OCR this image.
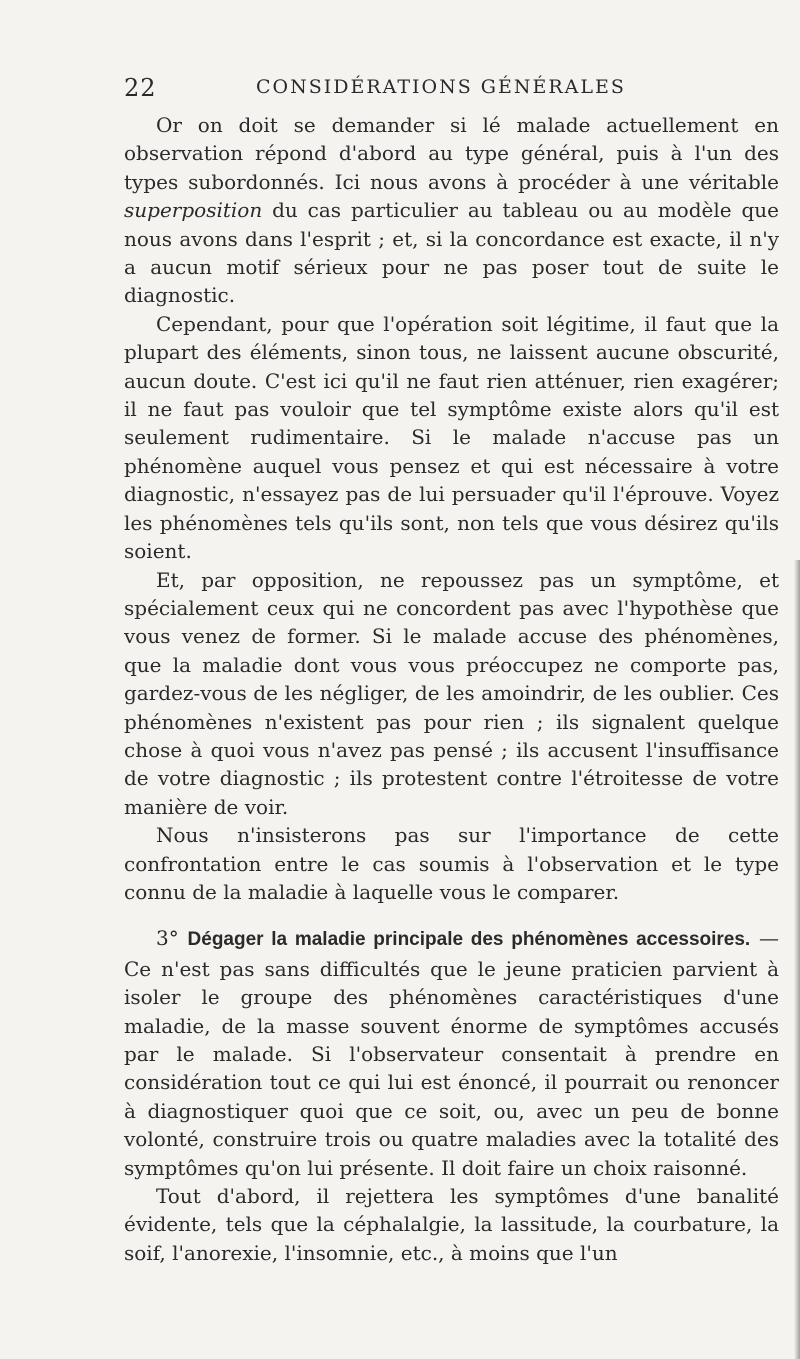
22	CONSIDÉRATIONS GÉNÉRALES

Or on doit se demander si lé malade actuellement en observation répond d'abord au type général, puis à l'un des types subordonnés. Ici nous avons à procéder à une véritable superposition du cas particulier au tableau ou au modèle que nous avons dans l'esprit ; et, si la concordance est exacte, il n'y a aucun motif sérieux pour ne pas poser tout de suite le diagnostic.

Cependant, pour que l'opération soit légitime, il faut que la plupart des éléments, sinon tous, ne laissent aucune obscurité, aucun doute. C'est ici qu'il ne faut rien atténuer, rien exagérer; il ne faut pas vouloir que tel symptôme existe alors qu'il est seulement rudimentaire. Si le malade n'accuse pas un phénomène auquel vous pensez et qui est nécessaire à votre diagnostic, n'essayez pas de lui persuader qu'il l'éprouve. Voyez les phénomènes tels qu'ils sont, non tels que vous désirez qu'ils soient.

Et, par opposition, ne repoussez pas un symptôme, et spécialement ceux qui ne concordent pas avec l'hypothèse que vous venez de former. Si le malade accuse des phénomènes, que la maladie dont vous vous préoccupez ne comporte pas, gardez-vous de les négliger, de les amoindrir, de les oublier. Ces phénomènes n'existent pas pour rien ; ils signalent quelque chose à quoi vous n'avez pas pensé ; ils accusent l'insuffisance de votre diagnostic ; ils protestent contre l'étroitesse de votre manière de voir.

Nous n'insisterons pas sur l'importance de cette confrontation entre le cas soumis à l'observation et le type connu de la maladie à laquelle vous le comparer.

3° Dégager la maladie principale des phénomènes accessoires. — Ce n'est pas sans difficultés que le jeune praticien parvient à isoler le groupe des phénomènes caractéristiques d'une maladie, de la masse souvent énorme de symptômes accusés par le malade. Si l'observateur consentait à prendre en considération tout ce qui lui est énoncé, il pourrait ou renoncer à diagnostiquer quoi que ce soit, ou, avec un peu de bonne volonté, construire trois ou quatre maladies avec la totalité des symptômes qu'on lui présente. Il doit faire un choix raisonné.

Tout d'abord, il rejettera les symptômes d'une banalité évidente, tels que la céphalalgie, la lassitude, la courbature, la soif, l'anorexie, l'insomnie, etc., à moins que l'un
